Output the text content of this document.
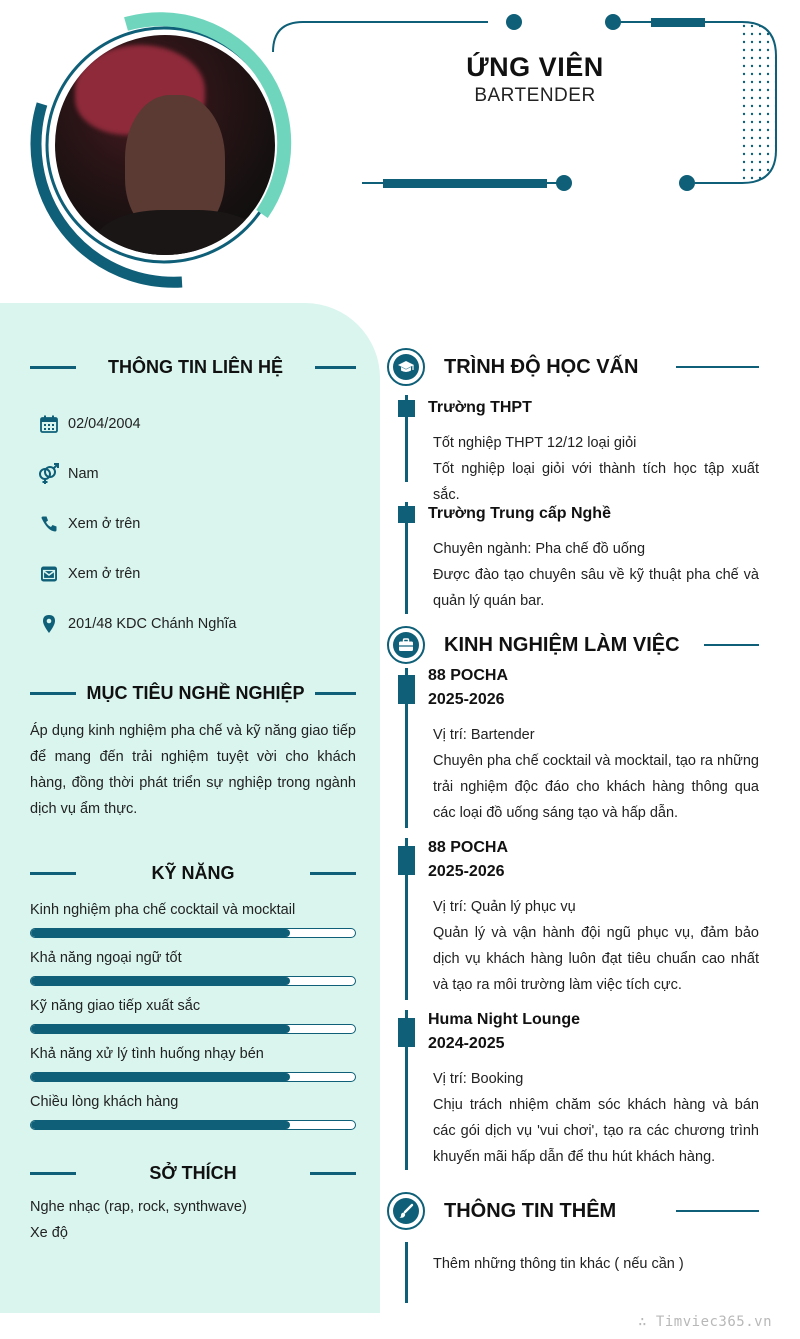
ỨNG VIÊN
BARTENDER
THÔNG TIN LIÊN HỆ
02/04/2004
Nam
Xem ở trên
Xem ở trên
201/48 KDC Chánh Nghĩa
MỤC TIÊU NGHỀ NGHIỆP
Áp dụng kinh nghiệm pha chế và kỹ năng giao tiếp để mang đến trải nghiệm tuyệt vời cho khách hàng, đồng thời phát triển sự nghiệp trong ngành dịch vụ ẩm thực.
KỸ NĂNG
Kinh nghiệm pha chế cocktail và mocktail
Khả năng ngoại ngữ tốt
Kỹ năng giao tiếp xuất sắc
Khả năng xử lý tình huống nhạy bén
Chiều lòng khách hàng
SỞ THÍCH
Nghe nhạc (rap, rock, synthwave)
Xe độ
TRÌNH ĐỘ HỌC VẤN
Trường THPT
Tốt nghiệp THPT 12/12 loại giỏi
Tốt nghiệp loại giỏi với thành tích học tập xuất sắc.
Trường Trung cấp Nghề
Chuyên ngành: Pha chế đồ uống
Được đào tạo chuyên sâu về kỹ thuật pha chế và quản lý quán bar.
KINH NGHIỆM LÀM VIỆC
88 POCHA
2025-2026
Vị trí: Bartender
Chuyên pha chế cocktail và mocktail, tạo ra những trải nghiệm độc đáo cho khách hàng thông qua các loại đồ uống sáng tạo và hấp dẫn.
88 POCHA
2025-2026
Vị trí: Quản lý phục vụ
Quản lý và vận hành đội ngũ phục vụ, đảm bảo dịch vụ khách hàng luôn đạt tiêu chuẩn cao nhất và tạo ra môi trường làm việc tích cực.
Huma Night Lounge
2024-2025
Vị trí: Booking
Chịu trách nhiệm chăm sóc khách hàng và bán các gói dịch vụ 'vui chơi', tạo ra các chương trình khuyến mãi hấp dẫn để thu hút khách hàng.
THÔNG TIN THÊM
Thêm những thông tin khác ( nếu cần )
∴ Timviec365.vn
